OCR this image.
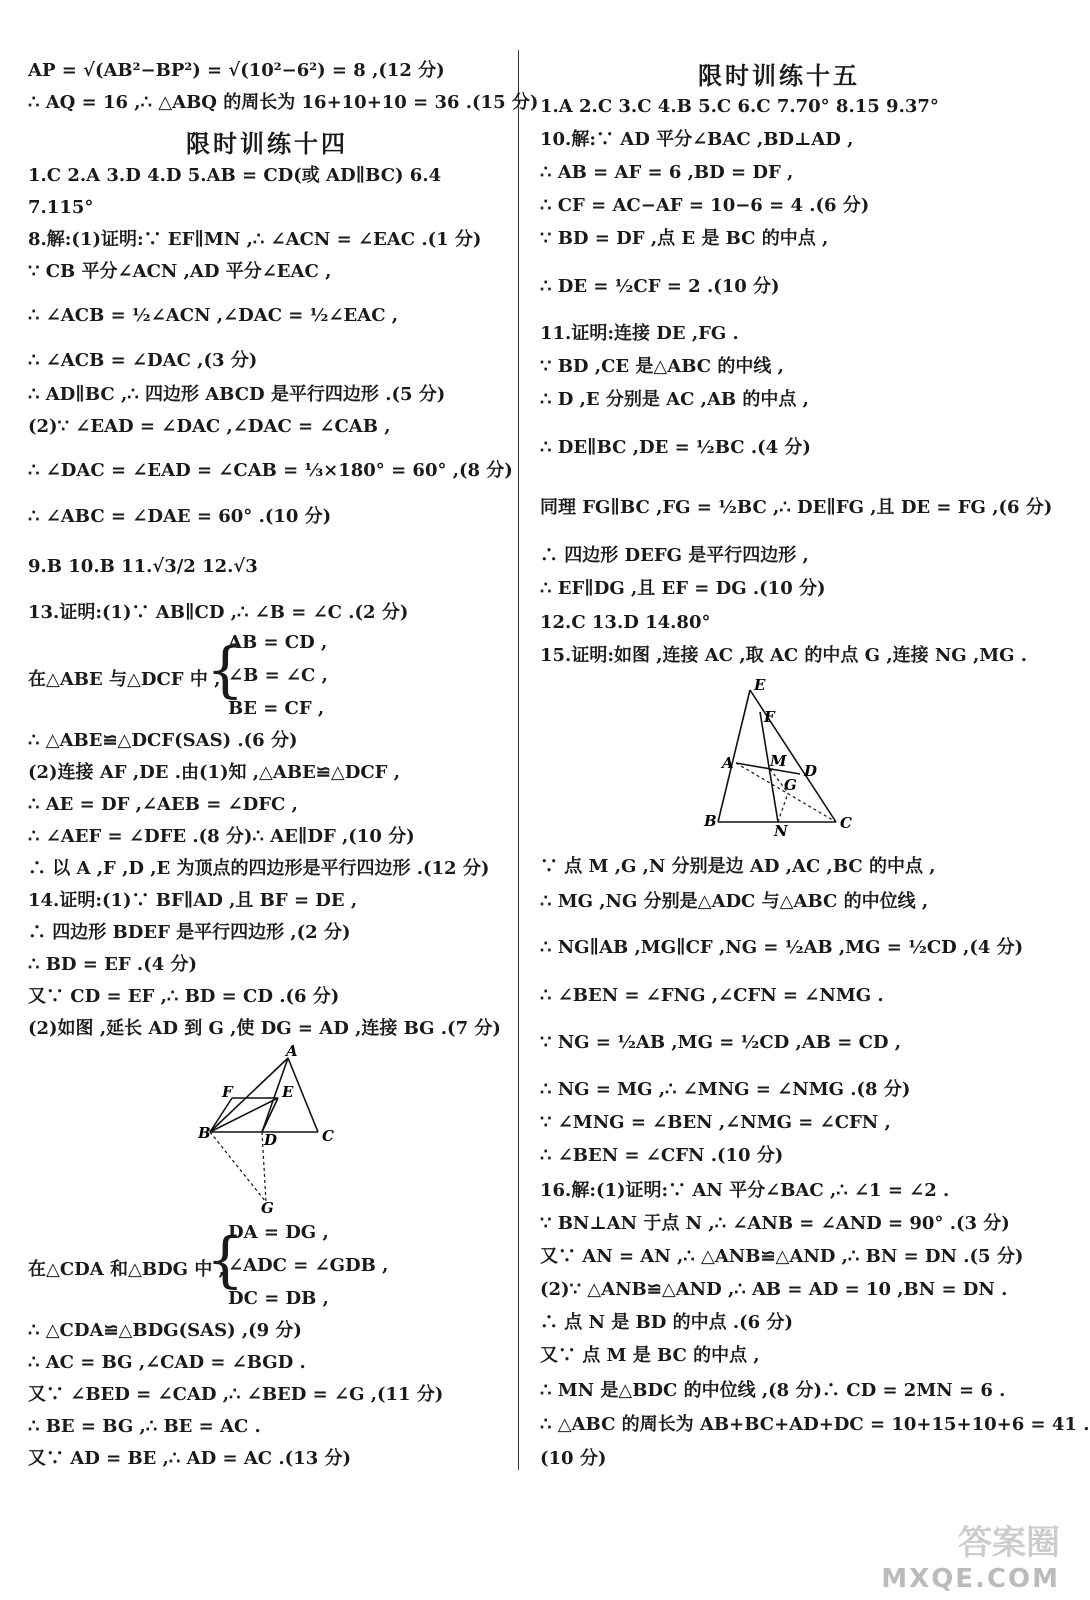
AP = √(AB²−BP²) = √(10²−6²) = 8 ,(12 分)
∴ AQ = 16 ,∴ △ABQ 的周长为 16+10+10 = 36 .(15 分)
限时训练十四
1.C 2.A 3.D 4.D 5.AB = CD(或 AD∥BC) 6.4
7.115°
8.解:(1)证明:∵ EF∥MN ,∴ ∠ACN = ∠EAC .(1 分)
∵ CB 平分∠ACN ,AD 平分∠EAC ,
∴ ∠ACB = ½∠ACN ,∠DAC = ½∠EAC ,
∴ ∠ACB = ∠DAC ,(3 分)
∴ AD∥BC ,∴ 四边形 ABCD 是平行四边形 .(5 分)
(2)∵ ∠EAD = ∠DAC ,∠DAC = ∠CAB ,
∴ ∠DAC = ∠EAD = ∠CAB = ⅓×180° = 60° ,(8 分)
∴ ∠ABC = ∠DAE = 60° .(10 分)
9.B 10.B 11.√3/2 12.√3
13.证明:(1)∵ AB∥CD ,∴ ∠B = ∠C .(2 分)
在△ABE 与△DCF 中 ,
{
AB = CD ,
∠B = ∠C ,
BE = CF ,
∴ △ABE≌△DCF(SAS) .(6 分)
(2)连接 AF ,DE .由(1)知 ,△ABE≌△DCF ,
∴ AE = DF ,∠AEB = ∠DFC ,
∴ ∠AEF = ∠DFE .(8 分)∴ AE∥DF ,(10 分)
∴ 以 A ,F ,D ,E 为顶点的四边形是平行四边形 .(12 分)
14.证明:(1)∵ BF∥AD ,且 BF = DE ,
∴ 四边形 BDEF 是平行四边形 ,(2 分)
∴ BD = EF .(4 分)
又∵ CD = EF ,∴ BD = CD .(6 分)
(2)如图 ,延长 AD 到 G ,使 DG = AD ,连接 BG .(7 分)
A
F	E
B	D	C
G
在△CDA 和△BDG 中 ,
{
DA = DG ,
∠ADC = ∠GDB ,
DC = DB ,
∴ △CDA≌△BDG(SAS) ,(9 分)
∴ AC = BG ,∠CAD = ∠BGD .
又∵ ∠BED = ∠CAD ,∴ ∠BED = ∠G ,(11 分)
∴ BE = BG ,∴ BE = AC .
又∵ AD = BE ,∴ AD = AC .(13 分)
限时训练十五
1.A 2.C 3.C 4.B 5.C 6.C 7.70° 8.15 9.37°
10.解:∵ AD 平分∠BAC ,BD⊥AD ,
∴ AB = AF = 6 ,BD = DF ,
∴ CF = AC−AF = 10−6 = 4 .(6 分)
∵ BD = DF ,点 E 是 BC 的中点 ,
∴ DE = ½CF = 2 .(10 分)
11.证明:连接 DE ,FG .
∵ BD ,CE 是△ABC 的中线 ,
∴ D ,E 分别是 AC ,AB 的中点 ,
∴ DE∥BC ,DE = ½BC .(4 分)
同理 FG∥BC ,FG = ½BC ,∴ DE∥FG ,且 DE = FG ,(6 分)
∴ 四边形 DEFG 是平行四边形 ,
∴ EF∥DG ,且 EF = DG .(10 分)
12.C 13.D 14.80°
15.证明:如图 ,连接 AC ,取 AC 的中点 G ,连接 NG ,MG .
E
F
A M
D
G
B
N	C
∵ 点 M ,G ,N 分别是边 AD ,AC ,BC 的中点 ,
∴ MG ,NG 分别是△ADC 与△ABC 的中位线 ,
∴ NG∥AB ,MG∥CF ,NG = ½AB ,MG = ½CD ,(4 分)
∴ ∠BEN = ∠FNG ,∠CFN = ∠NMG .
∵ NG = ½AB ,MG = ½CD ,AB = CD ,
∴ NG = MG ,∴ ∠MNG = ∠NMG .(8 分)
∵ ∠MNG = ∠BEN ,∠NMG = ∠CFN ,
∴ ∠BEN = ∠CFN .(10 分)
16.解:(1)证明:∵ AN 平分∠BAC ,∴ ∠1 = ∠2 .
∵ BN⊥AN 于点 N ,∴ ∠ANB = ∠AND = 90° .(3 分)
又∵ AN = AN ,∴ △ANB≌△AND ,∴ BN = DN .(5 分)
(2)∵ △ANB≌△AND ,∴ AB = AD = 10 ,BN = DN .
∴ 点 N 是 BD 的中点 .(6 分)
又∵ 点 M 是 BC 的中点 ,
∴ MN 是△BDC 的中位线 ,(8 分)∴ CD = 2MN = 6 .
∴ △ABC 的周长为 AB+BC+AD+DC = 10+15+10+6 = 41 .
(10 分)
答案圈
MXQE.COM
